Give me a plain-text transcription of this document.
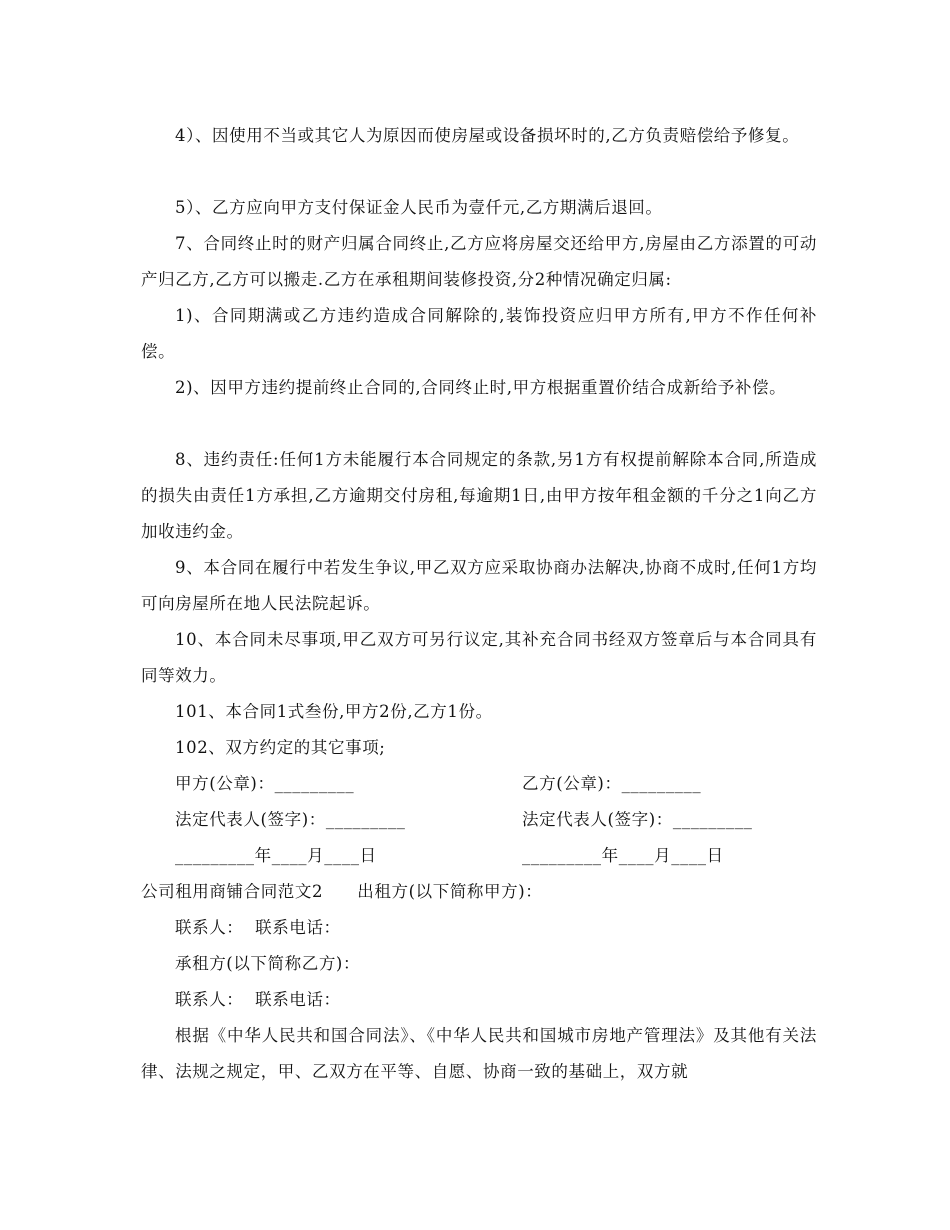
4）、因使用不当或其它人为原因而使房屋或设备损坏时的,乙方负责赔偿给予修复。

5）、乙方应向甲方支付保证金人民币为壹仟元,乙方期满后退回。

7、合同终止时的财产归属合同终止,乙方应将房屋交还给甲方,房屋由乙方添置的可动产归乙方,乙方可以搬走.乙方在承租期间装修投资,分2种情况确定归属:

1)、合同期满或乙方违约造成合同解除的,装饰投资应归甲方所有,甲方不作任何补偿。

2)、因甲方违约提前终止合同的,合同终止时,甲方根据重置价结合成新给予补偿。

8、违约责任:任何1方未能履行本合同规定的条款,另1方有权提前解除本合同,所造成的损失由责任1方承担,乙方逾期交付房租,每逾期1日,由甲方按年租金额的千分之1向乙方加收违约金。

9、本合同在履行中若发生争议,甲乙双方应采取协商办法解决,协商不成时,任何1方均可向房屋所在地人民法院起诉。

10、本合同未尽事项,甲乙双方可另行议定,其补充合同书经双方签章后与本合同具有同等效力。

101、本合同1式叁份,甲方2份,乙方1份。

102、双方约定的其它事项;

甲方(公章)：_________	乙方(公章)：_________

法定代表人(签字)：_________	法定代表人(签字)：_________

_________年____月____日	_________年____月____日

公司租用商铺合同范文2　　出租方(以下简称甲方)：

联系人：  联系电话：

承租方(以下简称乙方)：

联系人：  联系电话：

根据《中华人民共和国合同法》、《中华人民共和国城市房地产管理法》及其他有关法律、法规之规定，甲、乙双方在平等、自愿、协商一致的基础上，双方就
